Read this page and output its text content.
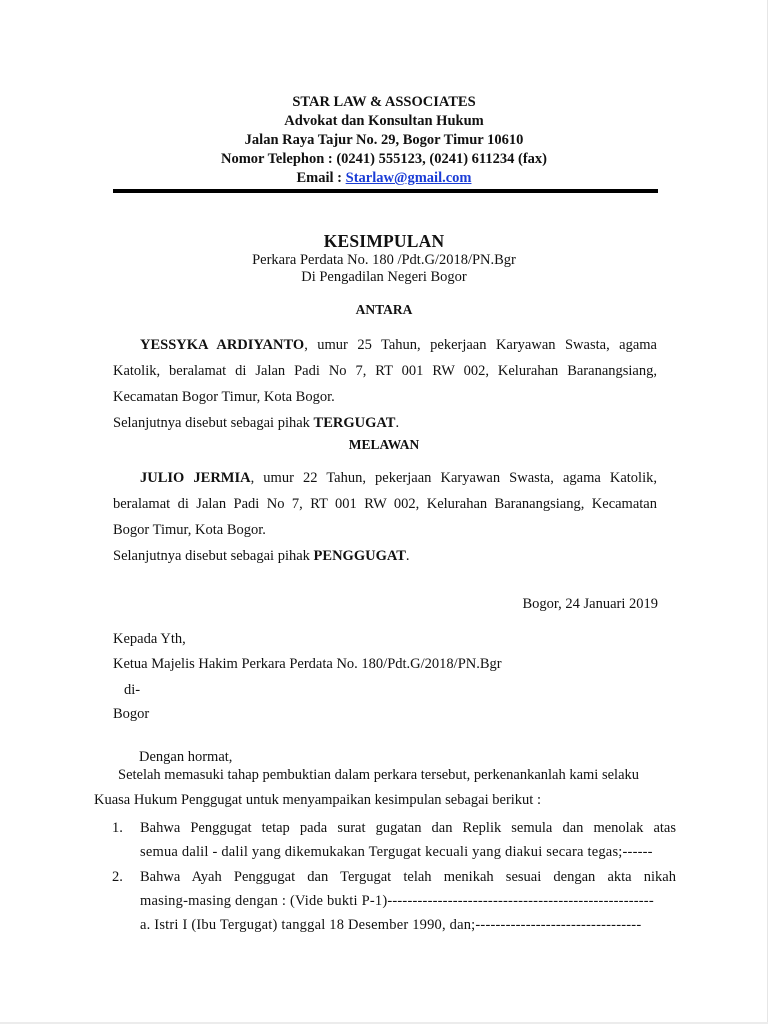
STAR LAW & ASSOCIATES
Advokat dan Konsultan Hukum
Jalan Raya Tajur No. 29, Bogor Timur 10610
Nomor Telephon : (0241) 555123, (0241) 611234 (fax)
Email : Starlaw@gmail.com
KESIMPULAN
Perkara Perdata No. 180 /Pdt.G/2018/PN.Bgr
Di Pengadilan Negeri Bogor
ANTARA
YESSYKA ARDIYANTO, umur 25 Tahun, pekerjaan Karyawan Swasta, agama
Katolik, beralamat di Jalan Padi No 7, RT 001 RW 002, Kelurahan Baranangsiang,
Kecamatan Bogor Timur, Kota Bogor.
Selanjutnya disebut sebagai pihak TERGUGAT.
MELAWAN
JULIO JERMIA, umur 22 Tahun, pekerjaan Karyawan Swasta, agama Katolik,
beralamat di Jalan Padi No 7, RT 001 RW 002, Kelurahan Baranangsiang, Kecamatan
Bogor Timur, Kota Bogor.
Selanjutnya disebut sebagai pihak PENGGUGAT.
Bogor, 24 Januari 2019
Kepada Yth,
Ketua Majelis Hakim Perkara Perdata No. 180/Pdt.G/2018/PN.Bgr
di-
Bogor
Dengan hormat,
Setelah memasuki tahap pembuktian dalam perkara tersebut, perkenankanlah kami selaku
Kuasa Hukum Penggugat untuk menyampaikan kesimpulan sebagai berikut :
1.	Bahwa Penggugat tetap pada surat gugatan dan Replik semula dan menolak atas
semua dalil - dalil yang dikemukakan Tergugat kecuali yang diakui secara tegas;------
2.	Bahwa Ayah Penggugat dan Tergugat telah menikah sesuai dengan akta nikah
masing-masing dengan : (Vide bukti P-1)-----------------------------------------------------
a. Istri I (Ibu Tergugat) tanggal 18 Desember 1990, dan;---------------------------------
